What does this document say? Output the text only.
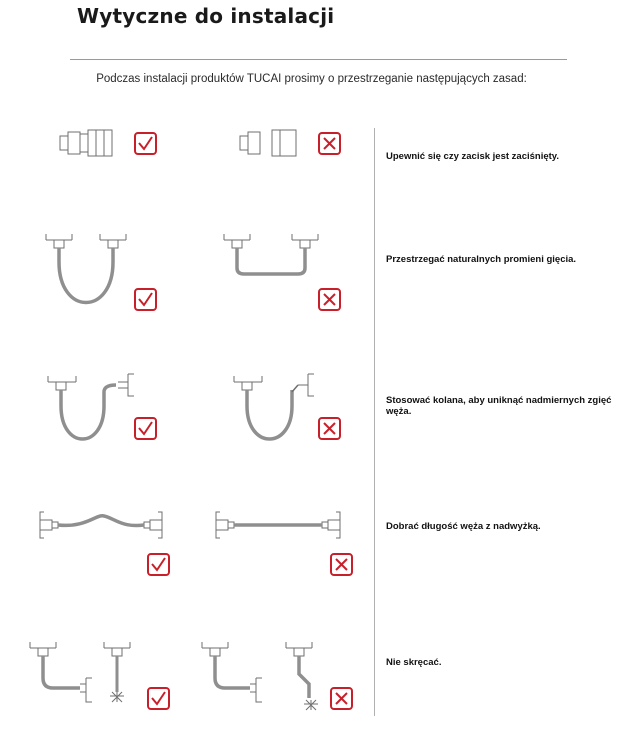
Wytyczne do instalacji
Podczas instalacji produktów TUCAI prosimy o przestrzeganie następujących zasad:
Upewnić się czy zacisk jest zaciśnięty.
Przestrzegać naturalnych promieni gięcia.
Stosować kolana, aby uniknąć nadmiernych zgięć węża.
Dobrać długość węża z nadwyżką.
Nie skręcać.
